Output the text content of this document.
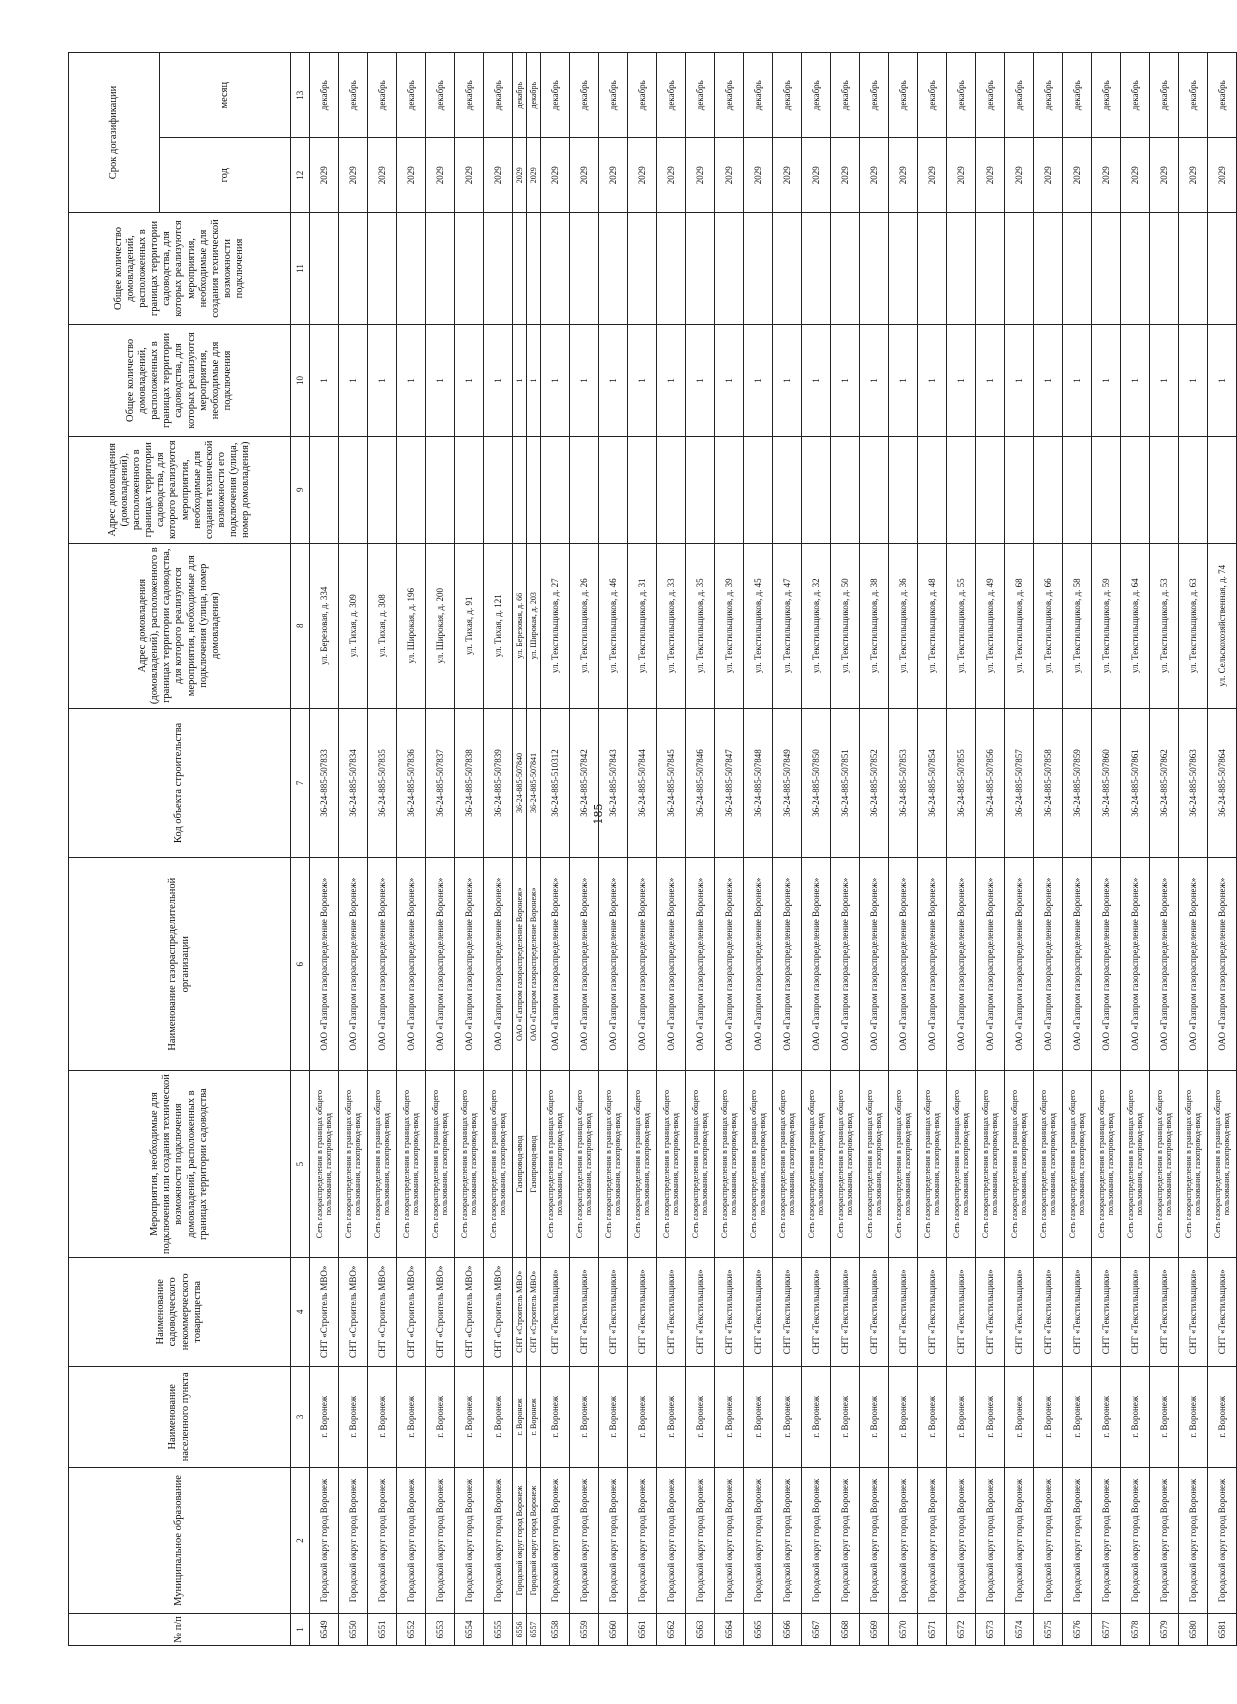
185
№ п/п	Муниципальное образование	Наименование населенного пункта	Наименование садоводческого некоммерческого товарищества	Мероприятия, необходимые для подключения или создания технической возможности подключения домовладений, расположенных в границах территории садоводства	Наименование газораспределительной организации	Код объекта строительства	Адрес домовладения (домовладений), расположенного в границах территории садоводства, для которого реализуются мероприятия, необходимые для подключения (улица, номер домовладения)	Адрес домовладения (домовладений), расположенного в границах территории садоводства, для которого реализуются мероприятия, необходимые для создания технической возможности его подключения (улица, номер домовладения)	Общее количество домовладений, расположенных в границах территории садоводства, для которых реализуются мероприятия, необходимые для подключения	Общее количество домовладений, расположенных в границах территории садоводства, для которых реализуются мероприятия, необходимые для создания технической возможности подключения	Срок догазификации	
											год	месяц
1	2	3	4	5	6	7	8	9	10	11	12	13
6549	Городской округ город Воронеж	г. Воронеж	СНТ «Строитель МВО»	Сеть газораспределения в границах общего пользования, газопровод-ввод	ОАО «Газпром газораспределение Воронеж»	36-24-885-507833	ул. Березовая, д. 334		1		2029	декабрь
6550	Городской округ город Воронеж	г. Воронеж	СНТ «Строитель МВО»	Сеть газораспределения в границах общего пользования, газопровод-ввод	ОАО «Газпром газораспределение Воронеж»	36-24-885-507834	ул. Тихая, д. 309		1		2029	декабрь
6551	Городской округ город Воронеж	г. Воронеж	СНТ «Строитель МВО»	Сеть газораспределения в границах общего пользования, газопровод-ввод	ОАО «Газпром газораспределение Воронеж»	36-24-885-507835	ул. Тихая, д. 308		1		2029	декабрь
6552	Городской округ город Воронеж	г. Воронеж	СНТ «Строитель МВО»	Сеть газораспределения в границах общего пользования, газопровод-ввод	ОАО «Газпром газораспределение Воронеж»	36-24-885-507836	ул. Широкая, д. 196		1		2029	декабрь
6553	Городской округ город Воронеж	г. Воронеж	СНТ «Строитель МВО»	Сеть газораспределения в границах общего пользования, газопровод-ввод	ОАО «Газпром газораспределение Воронеж»	36-24-885-507837	ул. Широкая, д. 200		1		2029	декабрь
6554	Городской округ город Воронеж	г. Воронеж	СНТ «Строитель МВО»	Сеть газораспределения в границах общего пользования, газопровод-ввод	ОАО «Газпром газораспределение Воронеж»	36-24-885-507838	ул. Тихая, д. 91		1		2029	декабрь
6555	Городской округ город Воронеж	г. Воронеж	СНТ «Строитель МВО»	Сеть газораспределения в границах общего пользования, газопровод-ввод	ОАО «Газпром газораспределение Воронеж»	36-24-885-507839	ул. Тихая, д. 121		1		2029	декабрь
6556	Городской округ город Воронеж	г. Воронеж	СНТ «Строитель МВО»	Газопровод-ввод	ОАО «Газпром газораспределение Воронеж»	36-24-885-507840	ул. Березовая, д. 66		1		2029	декабрь
6557	Городской округ город Воронеж	г. Воронеж	СНТ «Строитель МВО»	Газопровод-ввод	ОАО «Газпром газораспределение Воронеж»	36-24-885-507841	ул. Широкая, д. 203		1		2029	декабрь
6558	Городской округ город Воронеж	г. Воронеж	СНТ «Текстильщики»	Сеть газораспределения в границах общего пользования, газопровод-ввод	ОАО «Газпром газораспределение Воронеж»	36-24-885-510312	ул. Текстильщиков, д. 27		1		2029	декабрь
6559	Городской округ город Воронеж	г. Воронеж	СНТ «Текстильщики»	Сеть газораспределения в границах общего пользования, газопровод-ввод	ОАО «Газпром газораспределение Воронеж»	36-24-885-507842	ул. Текстильщиков, д. 26		1		2029	декабрь
6560	Городской округ город Воронеж	г. Воронеж	СНТ «Текстильщики»	Сеть газораспределения в границах общего пользования, газопровод-ввод	ОАО «Газпром газораспределение Воронеж»	36-24-885-507843	ул. Текстильщиков, д. 46		1		2029	декабрь
6561	Городской округ город Воронеж	г. Воронеж	СНТ «Текстильщики»	Сеть газораспределения в границах общего пользования, газопровод-ввод	ОАО «Газпром газораспределение Воронеж»	36-24-885-507844	ул. Текстильщиков, д. 31		1		2029	декабрь
6562	Городской округ город Воронеж	г. Воронеж	СНТ «Текстильщики»	Сеть газораспределения в границах общего пользования, газопровод-ввод	ОАО «Газпром газораспределение Воронеж»	36-24-885-507845	ул. Текстильщиков, д. 33		1		2029	декабрь
6563	Городской округ город Воронеж	г. Воронеж	СНТ «Текстильщики»	Сеть газораспределения в границах общего пользования, газопровод-ввод	ОАО «Газпром газораспределение Воронеж»	36-24-885-507846	ул. Текстильщиков, д. 35		1		2029	декабрь
6564	Городской округ город Воронеж	г. Воронеж	СНТ «Текстильщики»	Сеть газораспределения в границах общего пользования, газопровод-ввод	ОАО «Газпром газораспределение Воронеж»	36-24-885-507847	ул. Текстильщиков, д. 39		1		2029	декабрь
6565	Городской округ город Воронеж	г. Воронеж	СНТ «Текстильщики»	Сеть газораспределения в границах общего пользования, газопровод-ввод	ОАО «Газпром газораспределение Воронеж»	36-24-885-507848	ул. Текстильщиков, д. 45		1		2029	декабрь
6566	Городской округ город Воронеж	г. Воронеж	СНТ «Текстильщики»	Сеть газораспределения в границах общего пользования, газопровод-ввод	ОАО «Газпром газораспределение Воронеж»	36-24-885-507849	ул. Текстильщиков, д. 47		1		2029	декабрь
6567	Городской округ город Воронеж	г. Воронеж	СНТ «Текстильщики»	Сеть газораспределения в границах общего пользования, газопровод-ввод	ОАО «Газпром газораспределение Воронеж»	36-24-885-507850	ул. Текстильщиков, д. 32		1		2029	декабрь
6568	Городской округ город Воронеж	г. Воронеж	СНТ «Текстильщики»	Сеть газораспределения в границах общего пользования, газопровод-ввод	ОАО «Газпром газораспределение Воронеж»	36-24-885-507851	ул. Текстильщиков, д. 50		1		2029	декабрь
6569	Городской округ город Воронеж	г. Воронеж	СНТ «Текстильщики»	Сеть газораспределения в границах общего пользования, газопровод-ввод	ОАО «Газпром газораспределение Воронеж»	36-24-885-507852	ул. Текстильщиков, д. 38		1		2029	декабрь
6570	Городской округ город Воронеж	г. Воронеж	СНТ «Текстильщики»	Сеть газораспределения в границах общего пользования, газопровод-ввод	ОАО «Газпром газораспределение Воронеж»	36-24-885-507853	ул. Текстильщиков, д. 36		1		2029	декабрь
6571	Городской округ город Воронеж	г. Воронеж	СНТ «Текстильщики»	Сеть газораспределения в границах общего пользования, газопровод-ввод	ОАО «Газпром газораспределение Воронеж»	36-24-885-507854	ул. Текстильщиков, д. 48		1		2029	декабрь
6572	Городской округ город Воронеж	г. Воронеж	СНТ «Текстильщики»	Сеть газораспределения в границах общего пользования, газопровод-ввод	ОАО «Газпром газораспределение Воронеж»	36-24-885-507855	ул. Текстильщиков, д. 55		1		2029	декабрь
6573	Городской округ город Воронеж	г. Воронеж	СНТ «Текстильщики»	Сеть газораспределения в границах общего пользования, газопровод-ввод	ОАО «Газпром газораспределение Воронеж»	36-24-885-507856	ул. Текстильщиков, д. 49		1		2029	декабрь
6574	Городской округ город Воронеж	г. Воронеж	СНТ «Текстильщики»	Сеть газораспределения в границах общего пользования, газопровод-ввод	ОАО «Газпром газораспределение Воронеж»	36-24-885-507857	ул. Текстильщиков, д. 68		1		2029	декабрь
6575	Городской округ город Воронеж	г. Воронеж	СНТ «Текстильщики»	Сеть газораспределения в границах общего пользования, газопровод-ввод	ОАО «Газпром газораспределение Воронеж»	36-24-885-507858	ул. Текстильщиков, д. 66		1		2029	декабрь
6576	Городской округ город Воронеж	г. Воронеж	СНТ «Текстильщики»	Сеть газораспределения в границах общего пользования, газопровод-ввод	ОАО «Газпром газораспределение Воронеж»	36-24-885-507859	ул. Текстильщиков, д. 58		1		2029	декабрь
6577	Городской округ город Воронеж	г. Воронеж	СНТ «Текстильщики»	Сеть газораспределения в границах общего пользования, газопровод-ввод	ОАО «Газпром газораспределение Воронеж»	36-24-885-507860	ул. Текстильщиков, д. 59		1		2029	декабрь
6578	Городской округ город Воронеж	г. Воронеж	СНТ «Текстильщики»	Сеть газораспределения в границах общего пользования, газопровод-ввод	ОАО «Газпром газораспределение Воронеж»	36-24-885-507861	ул. Текстильщиков, д. 64		1		2029	декабрь
6579	Городской округ город Воронеж	г. Воронеж	СНТ «Текстильщики»	Сеть газораспределения в границах общего пользования, газопровод-ввод	ОАО «Газпром газораспределение Воронеж»	36-24-885-507862	ул. Текстильщиков, д. 53		1		2029	декабрь
6580	Городской округ город Воронеж	г. Воронеж	СНТ «Текстильщики»	Сеть газораспределения в границах общего пользования, газопровод-ввод	ОАО «Газпром газораспределение Воронеж»	36-24-885-507863	ул. Текстильщиков, д. 63		1		2029	декабрь
6581	Городской округ город Воронеж	г. Воронеж	СНТ «Текстильщики»	Сеть газораспределения в границах общего пользования, газопровод-ввод	ОАО «Газпром газораспределение Воронеж»	36-24-885-507864	ул. Сельскохозяйственная, д. 74		1		2029	декабрь
